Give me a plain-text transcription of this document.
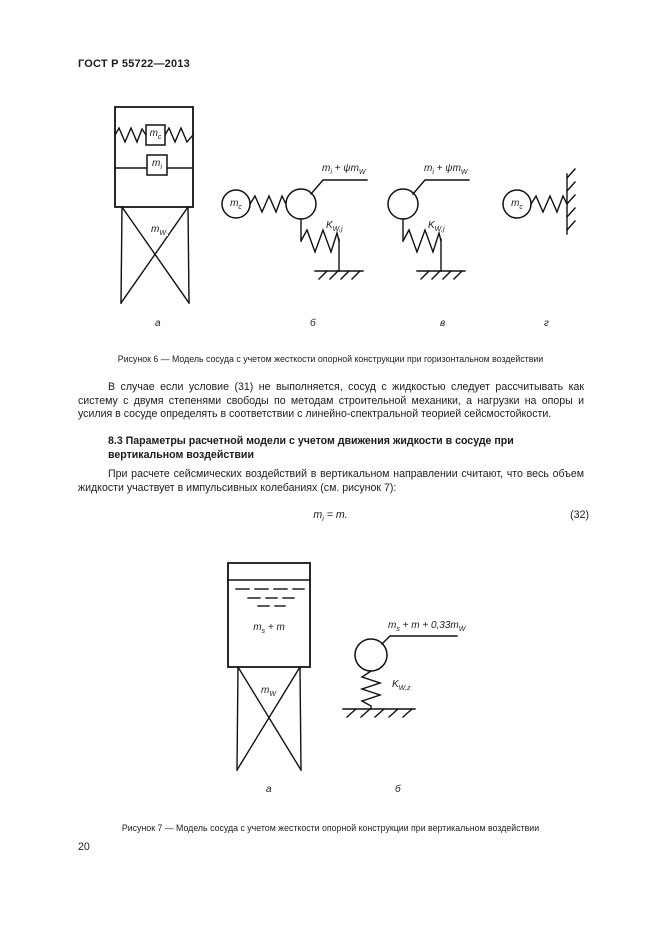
ГОСТ Р 55722—2013
$m_c$
$m_i$
$m_W$
$m_c$
$m_i + \psi m_W$
$K_{W,j}$
$m_i + \psi m_W$
$K_{W,j}$
$m_c$
а	б	в	г
Рисунок 6 — Модель сосуда с учетом жесткости опорной конструкции при горизонтальном воздействии
В случае если условие (31) не выполняется, сосуд с жидкостью следует рассчитывать как систему с двумя степенями свободы по методам строительной механики, а нагрузки на опоры и усилия в сосуде определять в соответствии с линейно-спектральной теорией сейсмостойкости.
8.3 Параметры расчетной модели с учетом движения жидкости в сосуде при вертикальном воздействии
При расчете сейсмических воздействий в вертикальном направлении считают, что весь объем жидкости участвует в импульсивных колебаниях (см. рисунок 7):
$m_i = m$.	(32)
$m_s + m$
$m_W$
$m_s + m + 0,33m_W$
$K_{W,z}$
а	б
Рисунок 7 — Модель сосуда с учетом жесткости опорной конструкции при вертикальном воздействии
20
